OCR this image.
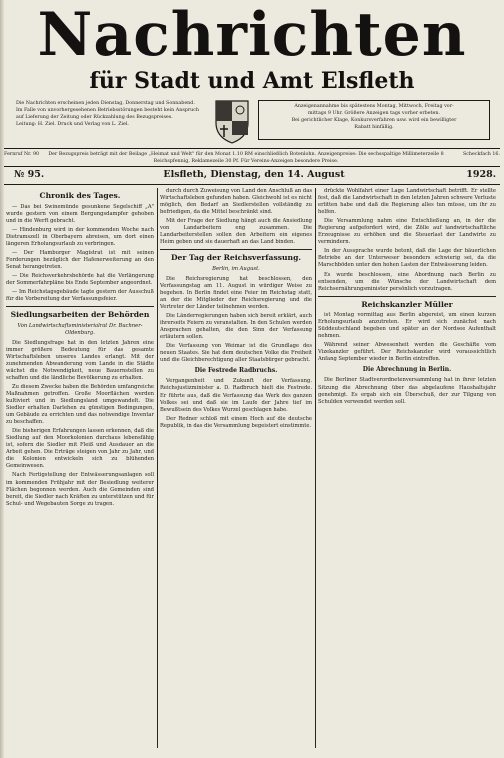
Nachrichten
für Stadt und Amt Elsfleth

Die Nachrichten erscheinen jeden Dienstag, Donnerstag und Sonnabend.

Im Falle von unvorhergesehenen Betriebsstörungen besteht kein Anspruch

auf Lieferung der Zeitung oder Rückzahlung des Bezugspreises.

Leitung: H. Ziel. Druck und Verlag von L. Ziel.

Anzeigenannahme bis spätestens Montag, Mittwoch, Freitag vor-

mittags 9 Uhr. Größere Anzeigen tags vorher erbeten.

Bei gerichtlicher Klage, Konkursverfahren usw. wird ein bewilligter

Rabatt hinfällig.

Fernruf Nr. 90	Der Bezugspreis beträgt mit der Beilage „Heimat und Welt" für den Monat 1.10 RM einschließlich Botenlohn. Anzeigenpreise: Die sechsspaltige Millimeterzeile 8 Reichspfennig, Reklamezeile 30 Pf. Für Vereins-Anzeigen besondere Preise.
Scheckfach 16.
№ 95.	Elsfleth, Dienstag, den 14. August	1928.
Chronik des Tages.

— Das bei Swinemünde gesunkene Segelschiff „A" wurde gestern von einem Bergungsdampfer gehoben und in die Werft gebracht.

— Hindenburg wird in der kommenden Woche nach Dietramszell in Oberbayern abreisen, um dort einen längeren Erholungsurlaub zu verbringen.

— Der Hamburger Magistrat ist mit seinen Forderungen bezüglich der Hafenerweiterung an den Senat herangetreten.

— Die Reichsverkehrsbehörde hat die Verlängerung der Sommerfahrpläne bis Ende September angeordnet.

— Im Reichstagsgebäude tagte gestern der Ausschuß für die Vorbereitung der Verfassungsfeier.

Siedlungsarbeiten der Behörden
Von Landwirtschaftsministerialrat Dr. Buchner-Oldenburg.

Die Siedlungsfrage hat in den letzten Jahren eine immer größere Bedeutung für das gesamte Wirtschaftsleben unseres Landes erlangt. Mit der zunehmenden Abwanderung vom Lande in die Städte wächst die Notwendigkeit, neue Bauernstellen zu schaffen und die ländliche Bevölkerung zu erhalten.

Zu diesem Zwecke haben die Behörden umfangreiche Maßnahmen getroffen. Große Moorflächen werden kultiviert und in Siedlungsland umgewandelt. Die Siedler erhalten Darlehen zu günstigen Bedingungen, um Gebäude zu errichten und das notwendige Inventar zu beschaffen.

Die bisherigen Erfahrungen lassen erkennen, daß die Siedlung auf den Moorkolonien durchaus lebensfähig ist, sofern die Siedler mit Fleiß und Ausdauer an die Arbeit gehen. Die Erträge steigen von Jahr zu Jahr, und die Kolonien entwickeln sich zu blühenden Gemeinwesen.

Nach Fertigstellung der Entwässerungsanlagen soll im kommenden Frühjahr mit der Besiedlung weiterer Flächen begonnen werden. Auch die Gemeinden sind bereit, die Siedler nach Kräften zu unterstützen und für Schul- und Wegebauten Sorge zu tragen.

durch durch Zuweisung von Land den Anschluß an das Wirtschaftsleben gefunden haben. Gleichwohl ist es nicht möglich, den Bedarf an Siedlerstellen vollständig zu befriedigen, da die Mittel beschränkt sind.

Mit der Frage der Siedlung hängt auch die Ansiedlung von Landarbeitern eng zusammen. Die Landarbeiterstellen sollen den Arbeitern ein eigenes Heim geben und sie dauerhaft an das Land binden.

Der Tag der Reichsverfassung.
Berlin, im August.

Die Reichsregierung hat beschlossen, den Verfassungstag am 11. August in würdiger Weise zu begehen. In Berlin findet eine Feier im Reichstag statt, an der die Mitglieder der Reichsregierung und die Vertreter der Länder teilnehmen werden.

Die Länderregierungen haben sich bereit erklärt, auch ihrerseits Feiern zu veranstalten. In den Schulen werden Ansprachen gehalten, die den Sinn der Verfassung erläutern sollen.

Die Verfassung von Weimar ist die Grundlage des neuen Staates. Sie hat dem deutschen Volke die Freiheit und die Gleichberechtigung aller Staatsbürger gebracht.

Die Festrede Radbruchs.

Vergangenheit und Zukunft der Verfassung. Reichsjustizminister a. D. Radbruch hielt die Festrede. Er führte aus, daß die Verfassung das Werk des ganzen Volkes sei und daß sie im Laufe der Jahre tief im Bewußtsein des Volkes Wurzel geschlagen habe.

Der Redner schloß mit einem Hoch auf die deutsche Republik, in das die Versammlung begeistert einstimmte.

drückte Wohlfahrt einer Lage Landwirtschaft betrifft. Er stellte fest, daß die Landwirtschaft in den letzten Jahren schwere Verluste erlitten habe und daß die Regierung alles tun müsse, um ihr zu helfen.

Die Versammlung nahm eine Entschließung an, in der die Regierung aufgefordert wird, die Zölle auf landwirtschaftliche Erzeugnisse zu erhöhen und die Steuerlast der Landwirte zu vermindern.

In der Aussprache wurde betont, daß die Lage der bäuerlichen Betriebe an der Unterweser besonders schwierig sei, da die Marschböden unter den hohen Lasten der Entwässerung leiden.

Es wurde beschlossen, eine Abordnung nach Berlin zu entsenden, um die Wünsche der Landwirtschaft dem Reichsernährungsminister persönlich vorzutragen.

Reichskanzler Müller

ist Montag vormittag aus Berlin abgereist, um einen kurzen Erholungsurlaub anzutreten. Er wird sich zunächst nach Süddeutschland begeben und später an der Nordsee Aufenthalt nehmen.

Während seiner Abwesenheit werden die Geschäfte vom Vizekanzler geführt. Der Reichskanzler wird voraussichtlich Anfang September wieder in Berlin eintreffen.

Die Abrechnung in Berlin.

Die Berliner Stadtverordnetenversammlung hat in ihrer letzten Sitzung die Abrechnung über das abgelaufene Haushaltsjahr genehmigt. Es ergab sich ein Überschuß, der zur Tilgung von Schulden verwendet werden soll.
